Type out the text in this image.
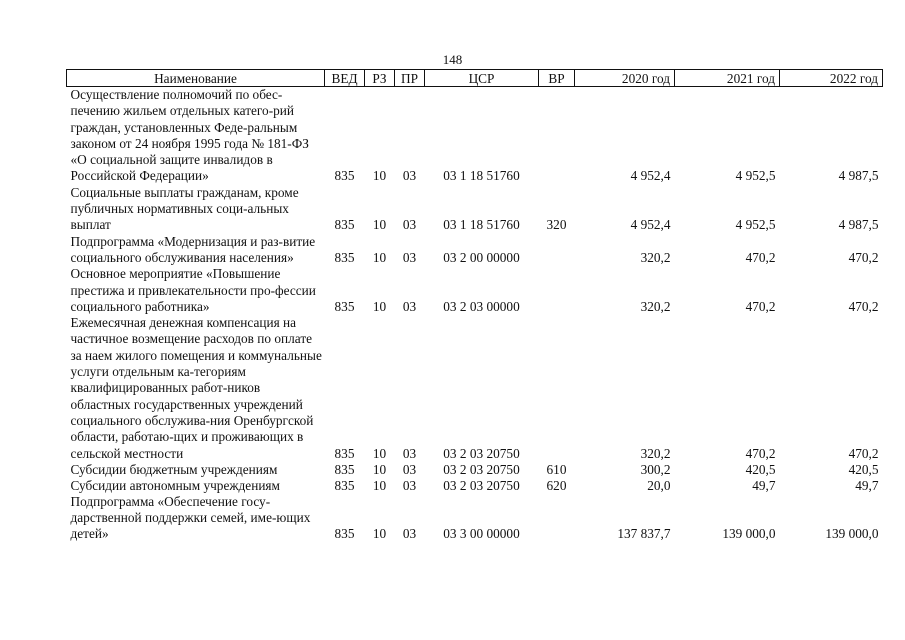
148
Наименование	ВЕД	РЗ	ПР	ЦСР	ВР	2020 год	2021 год	2022 год
Осуществление полномочий по обес-печению жильем отдельных катего-рий граждан, установленных Феде-ральным законом от 24 ноября 1995 года № 181-ФЗ «О социальной защите инвалидов в Российской Федерации»	835	10	03	03 1 18 51760		4 952,4	4 952,5	4 987,5
Социальные выплаты гражданам, кроме публичных нормативных соци-альных выплат	835	10	03	03 1 18 51760	320	4 952,4	4 952,5	4 987,5
Подпрограмма «Модернизация и раз-витие социального обслуживания населения»	835	10	03	03 2 00 00000		320,2	470,2	470,2
Основное мероприятие «Повышение престижа и привлекательности про-фессии социального работника»	835	10	03	03 2 03 00000		320,2	470,2	470,2
Ежемесячная денежная компенсация на частичное возмещение расходов по оплате за наем жилого помещения и коммунальные услуги отдельным ка-тегориям квалифицированных работ-ников областных государственных учреждений социального обслужива-ния Оренбургской области, работаю-щих и проживающих в сельской местности	835	10	03	03 2 03 20750		320,2	470,2	470,2
Субсидии бюджетным учреждениям	835	10	03	03 2 03 20750	610	300,2	420,5	420,5
Субсидии автономным учреждениям	835	10	03	03 2 03 20750	620	20,0	49,7	49,7
Подпрограмма «Обеспечение госу-дарственной поддержки семей, име-ющих детей»	835	10	03	03 3 00 00000		137 837,7	139 000,0	139 000,0
